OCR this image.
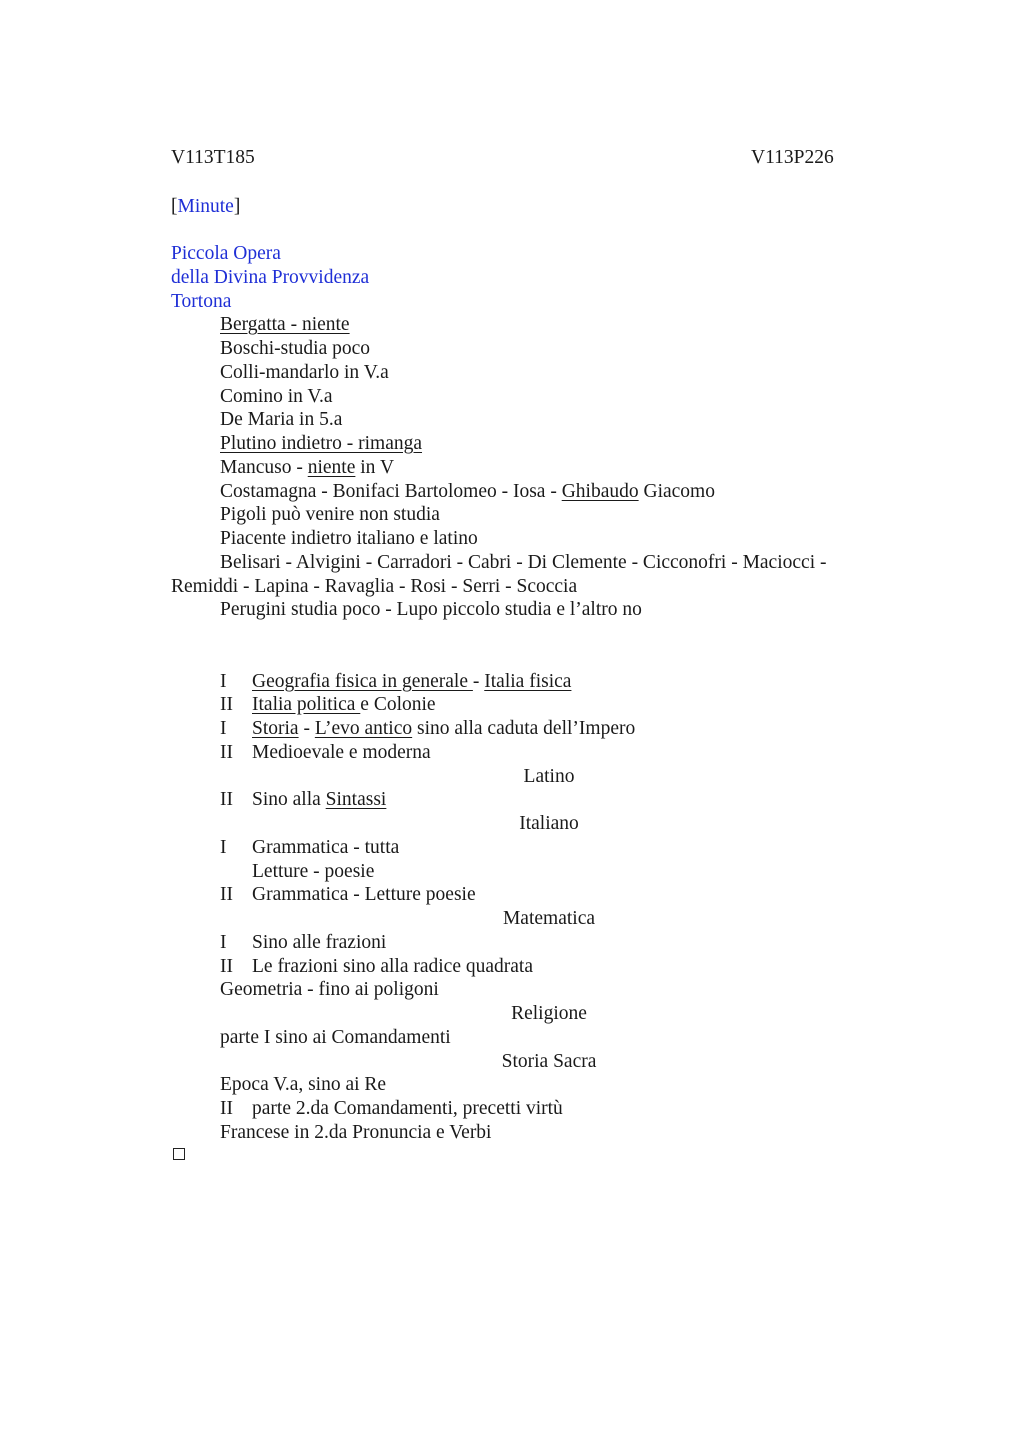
V113T185	V113P226
[Minute]
Piccola Opera
della Divina Provvidenza
Tortona
Bergatta - niente
Boschi-studia poco
Colli-mandarlo in V.a
Comino in V.a
De Maria in 5.a
Plutino indietro - rimanga
Mancuso - niente in V
Costamagna - Bonifaci Bartolomeo - Iosa - Ghibaudo Giacomo
Pigoli può venire non studia
Piacente indietro italiano e latino
Belisari - Alvigini - Carradori - Cabri - Di Clemente - Cicconofri - Maciocci -
Remiddi - Lapina - Ravaglia - Rosi - Serri - Scoccia
Perugini studia poco - Lupo piccolo studia e l’altro no
I Geografia fisica in generale - Italia fisica
II Italia politica e Colonie
I Storia - L’evo antico sino alla caduta dell’Impero
II Medioevale e moderna
Latino
II Sino alla Sintassi
Italiano
I Grammatica - tutta
Letture - poesie
II Grammatica - Letture poesie
Matematica
I Sino alle frazioni
II Le frazioni sino alla radice quadrata
Geometria - fino ai poligoni
Religione
parte I sino ai Comandamenti
Storia Sacra
Epoca V.a, sino ai Re
II parte 2.da Comandamenti, precetti virtù
Francese in 2.da Pronuncia e Verbi
